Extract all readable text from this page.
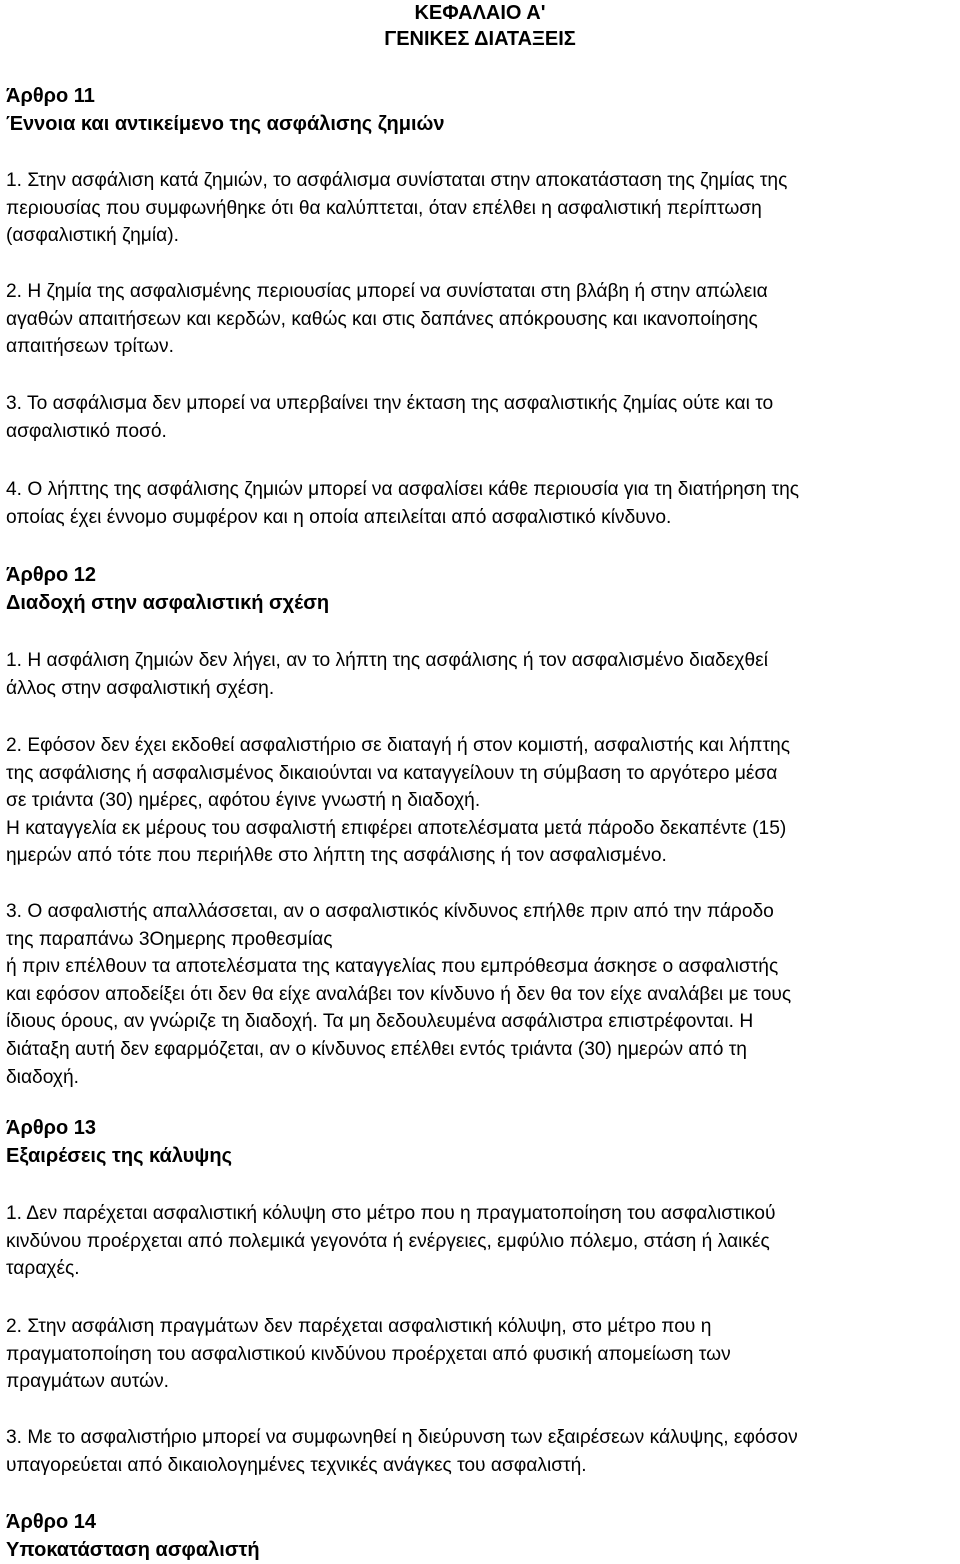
ΚΕΦΑΛΑΙΟ Α'
ΓΕΝΙΚΕΣ ΔΙΑΤΑΞΕΙΣ
Άρθρο 11
Έννοια και αντικείμενο της ασφάλισης ζημιών
1. Στην ασφάλιση κατά ζημιών, το ασφάλισμα συνίσταται στην αποκατάσταση της ζημίας της
περιουσίας που συμφωνήθηκε ότι θα καλύπτεται, όταν επέλθει η ασφαλιστική περίπτωση
(ασφαλιστική ζημία).
2. Η ζημία της ασφαλισμένης περιουσίας μπορεί να συνίσταται στη βλάβη ή στην απώλεια
αγαθών απαιτήσεων και κερδών, καθώς και στις δαπάνες απόκρουσης και ικανοποίησης
απαιτήσεων τρίτων.
3. Το ασφάλισμα δεν μπορεί να υπερβαίνει την έκταση της ασφαλιστικής ζημίας ούτε και το
ασφαλιστικό ποσό.
4. Ο λήπτης της ασφάλισης ζημιών μπορεί να ασφαλίσει κάθε περιουσία για τη διατήρηση της
οποίας έχει έννομο συμφέρον και η οποία απειλείται από ασφαλιστικό κίνδυνο.
Άρθρο 12
Διαδοχή στην ασφαλιστική σχέση
1. Η ασφάλιση ζημιών δεν λήγει, αν το λήπτη της ασφάλισης ή τον ασφαλισμένο διαδεχθεί
άλλος στην ασφαλιστική σχέση.
2. Εφόσον δεν έχει εκδοθεί ασφαλιστήριο σε διαταγή ή στον κομιστή, ασφαλιστής και λήπτης
της ασφάλισης ή ασφαλισμένος δικαιούνται να καταγγείλουν τη σύμβαση το αργότερο μέσα
σε τριάντα (30) ημέρες, αφότου έγινε γνωστή η διαδοχή.
Η καταγγελία εκ μέρους του ασφαλιστή επιφέρει αποτελέσματα μετά πάροδο δεκαπέντε (15)
ημερών από τότε που περιήλθε στο λήπτη της ασφάλισης ή τον ασφαλισμένο.
3. Ο ασφαλιστής απαλλάσσεται, αν ο ασφαλιστικός κίνδυνος επήλθε πριν από την πάροδο
της παραπάνω 3Οημερης προθεσμίας
ή πριν επέλθουν τα αποτελέσματα της καταγγελίας που εμπρόθεσμα άσκησε ο ασφαλιστής
και εφόσον αποδείξει ότι δεν θα είχε αναλάβει τον κίνδυνο ή δεν θα τον είχε αναλάβει με τους
ίδιους όρους, αν γνώριζε τη διαδοχή. Τα μη δεδουλευμένα ασφάλιστρα επιστρέφονται. Η
διάταξη αυτή δεν εφαρμόζεται, αν ο κίνδυνος επέλθει εντός τριάντα (30) ημερών από τη
διαδοχή.
Άρθρο 13
Εξαιρέσεις της κάλυψης
1. Δεν παρέχεται ασφαλιστική κόλυψη στο μέτρο που η πραγματοποίηση του ασφαλιστικού
κινδύνου προέρχεται από πολεμικά γεγονότα ή ενέργειες, εμφύλιο πόλεμο, στάση ή λαικές
ταραχές.
2. Στην ασφάλιση πραγμάτων δεν παρέχεται ασφαλιστική κόλυψη, στο μέτρο που η
πραγματοποίηση του ασφαλιστικού κινδύνου προέρχεται από φυσική απομείωση των
πραγμάτων αυτών.
3. Με το ασφαλιστήριο μπορεί να συμφωνηθεί η διεύρυνση των εξαιρέσεων κάλυψης, εφόσον
υπαγορεύεται από δικαιολογημένες τεχνικές ανάγκες του ασφαλιστή.
Άρθρο 14
Υποκατάσταση ασφαλιστή
